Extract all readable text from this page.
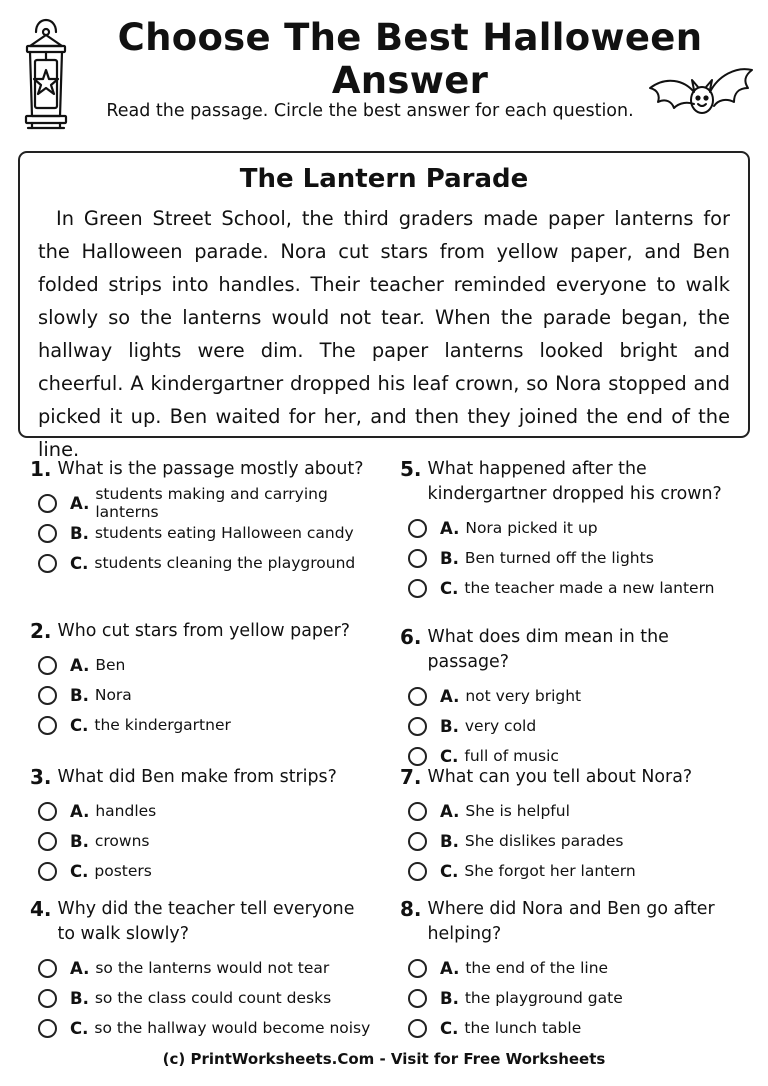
Choose The Best Halloween Answer
Read the passage. Circle the best answer for each question.
The Lantern Parade
In Green Street School, the third graders made paper lanterns for the Halloween parade. Nora cut stars from yellow paper, and Ben folded strips into handles. Their teacher reminded everyone to walk slowly so the lanterns would not tear. When the parade began, the hallway lights were dim. The paper lanterns looked bright and cheerful. A kindergartner dropped his leaf crown, so Nora stopped and picked it up. Ben waited for her, and then they joined the end of the line.
1. What is the passage mostly about?
A. students making and carrying lanterns
B. students eating Halloween candy
C. students cleaning the playground
2. Who cut stars from yellow paper?
A. Ben
B. Nora
C. the kindergartner
3. What did Ben make from strips?
A. handles
B. crowns
C. posters
4. Why did the teacher tell everyone to walk slowly?
A. so the lanterns would not tear
B. so the class could count desks
C. so the hallway would become noisy
5. What happened after the kindergartner dropped his crown?
A. Nora picked it up
B. Ben turned off the lights
C. the teacher made a new lantern
6. What does dim mean in the passage?
A. not very bright
B. very cold
C. full of music
7. What can you tell about Nora?
A. She is helpful
B. She dislikes parades
C. She forgot her lantern
8. Where did Nora and Ben go after helping?
A. the end of the line
B. the playground gate
C. the lunch table
(c) PrintWorksheets.Com - Visit for Free Worksheets
